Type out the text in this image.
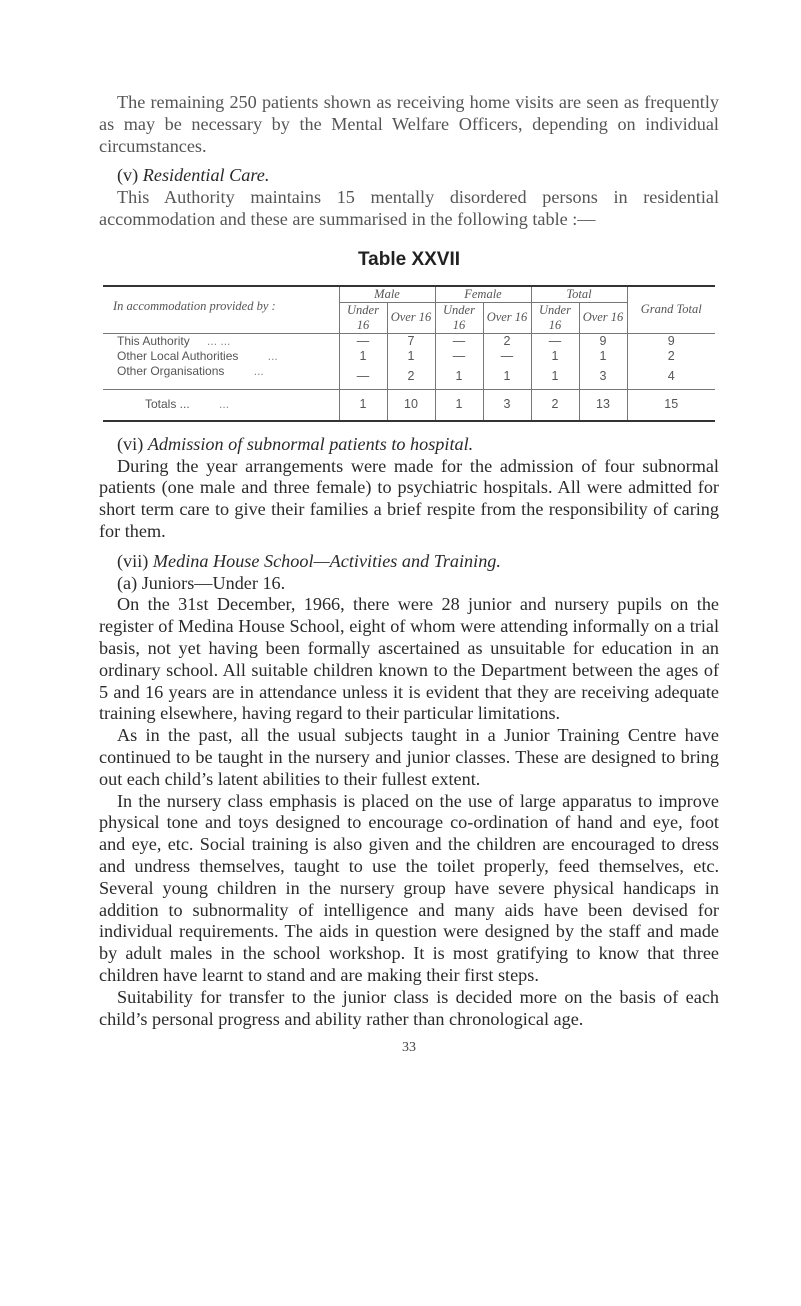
The remaining 250 patients shown as receiving home visits are seen as frequently as may be necessary by the Mental Welfare Officers, depending on individual circumstances.

(v) Residential Care.

This Authority maintains 15 mentally disordered persons in residential accommodation and these are summarised in the following table :—

Table XXVII
In accommodation provided by :	Male		Female		Total		Grand Total
	Under 16	Over 16	Under 16	Over 16	Under 16	Over 16	
This Authority ... ...	—	7	—	2	—	9	9
Other Local Authorities ...	1	1	—	—	1	1	2
Other Organisations ...	—	2	1	1	1	3	4
Totals ... ...	1	10	1	3	2	13	15

(vi) Admission of subnormal patients to hospital.

During the year arrangements were made for the admission of four subnormal patients (one male and three female) to psychiatric hospitals. All were admitted for short term care to give their families a brief respite from the responsibility of caring for them.

(vii) Medina House School—Activities and Training.

(a) Juniors—Under 16.

On the 31st December, 1966, there were 28 junior and nursery pupils on the register of Medina House School, eight of whom were attending informally on a trial basis, not yet having been formally ascertained as unsuitable for education in an ordinary school. All suitable children known to the Department between the ages of 5 and 16 years are in attendance unless it is evident that they are receiving adequate training elsewhere, having regard to their particular limitations.

As in the past, all the usual subjects taught in a Junior Training Centre have continued to be taught in the nursery and junior classes. These are designed to bring out each child’s latent abilities to their fullest extent.

In the nursery class emphasis is placed on the use of large apparatus to improve physical tone and toys designed to encourage co-ordination of hand and eye, foot and eye, etc. Social training is also given and the children are encouraged to dress and undress themselves, taught to use the toilet properly, feed themselves, etc. Several young children in the nursery group have severe physical handicaps in addition to subnormality of intelligence and many aids have been devised for individual requirements. The aids in question were designed by the staff and made by adult males in the school workshop. It is most gratifying to know that three children have learnt to stand and are making their first steps.

Suitability for transfer to the junior class is decided more on the basis of each child’s personal progress and ability rather than chronological age.

33
